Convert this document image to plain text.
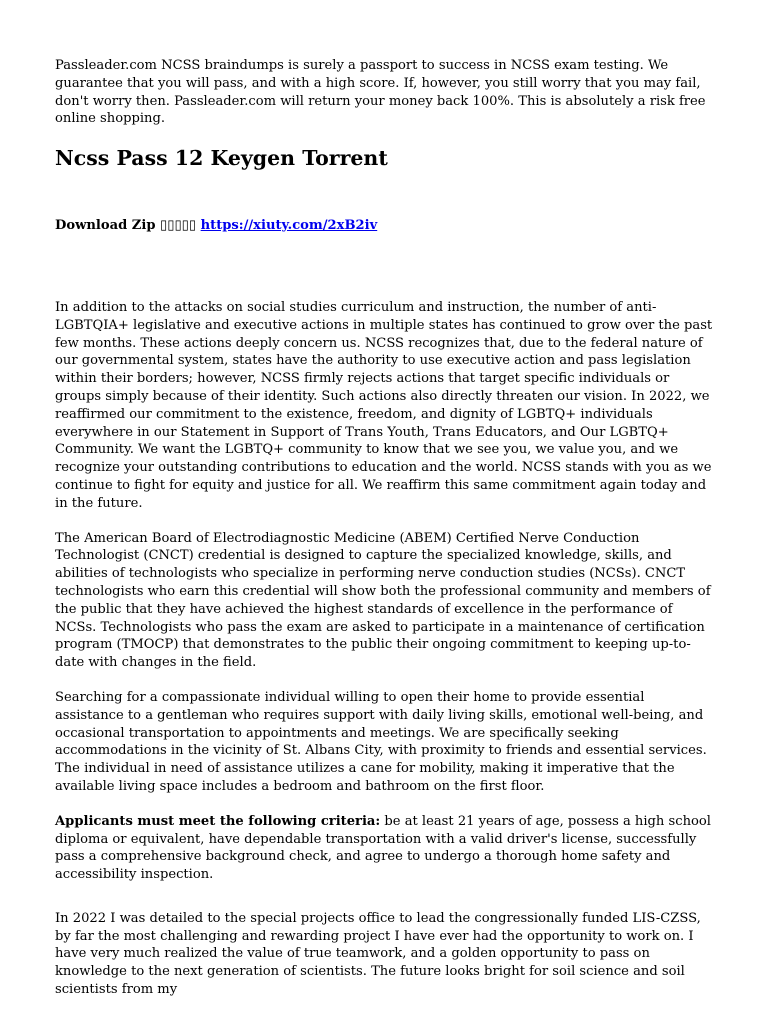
Passleader.com NCSS braindumps is surely a passport to success in NCSS exam testing. We guarantee that you will pass, and with a high score. If, however, you still worry that you may fail, don't worry then. Passleader.com will return your money back 100%. This is absolutely a risk free online shopping.

Ncss Pass 12 Keygen Torrent

Download Zip ▯▯▯▯▯ https://xiuty.com/2xB2iv

In addition to the attacks on social studies curriculum and instruction, the number of anti-LGBTQIA+ legislative and executive actions in multiple states has continued to grow over the past few months. These actions deeply concern us. NCSS recognizes that, due to the federal nature of our governmental system, states have the authority to use executive action and pass legislation within their borders; however, NCSS firmly rejects actions that target specific individuals or groups simply because of their identity. Such actions also directly threaten our vision. In 2022, we reaffirmed our commitment to the existence, freedom, and dignity of LGBTQ+ individuals everywhere in our Statement in Support of Trans Youth, Trans Educators, and Our LGBTQ+ Community. We want the LGBTQ+ community to know that we see you, we value you, and we recognize your outstanding contributions to education and the world. NCSS stands with you as we continue to fight for equity and justice for all. We reaffirm this same commitment again today and in the future.

The American Board of Electrodiagnostic Medicine (ABEM) Certified Nerve Conduction Technologist (CNCT) credential is designed to capture the specialized knowledge, skills, and abilities of technologists who specialize in performing nerve conduction studies (NCSs). CNCT technologists who earn this credential will show both the professional community and members of the public that they have achieved the highest standards of excellence in the performance of NCSs. Technologists who pass the exam are asked to participate in a maintenance of certification program (TMOCP) that demonstrates to the public their ongoing commitment to keeping up-to-date with changes in the field.

Searching for a compassionate individual willing to open their home to provide essential assistance to a gentleman who requires support with daily living skills, emotional well-being, and occasional transportation to appointments and meetings. We are specifically seeking accommodations in the vicinity of St. Albans City, with proximity to friends and essential services. The individual in need of assistance utilizes a cane for mobility, making it imperative that the available living space includes a bedroom and bathroom on the first floor.

Applicants must meet the following criteria: be at least 21 years of age, possess a high school diploma or equivalent, have dependable transportation with a valid driver's license, successfully pass a comprehensive background check, and agree to undergo a thorough home safety and accessibility inspection.

In 2022 I was detailed to the special projects office to lead the congressionally funded LIS-CZSS, by far the most challenging and rewarding project I have ever had the opportunity to work on. I have very much realized the value of true teamwork, and a golden opportunity to pass on knowledge to the next generation of scientists. The future looks bright for soil science and soil scientists from my
